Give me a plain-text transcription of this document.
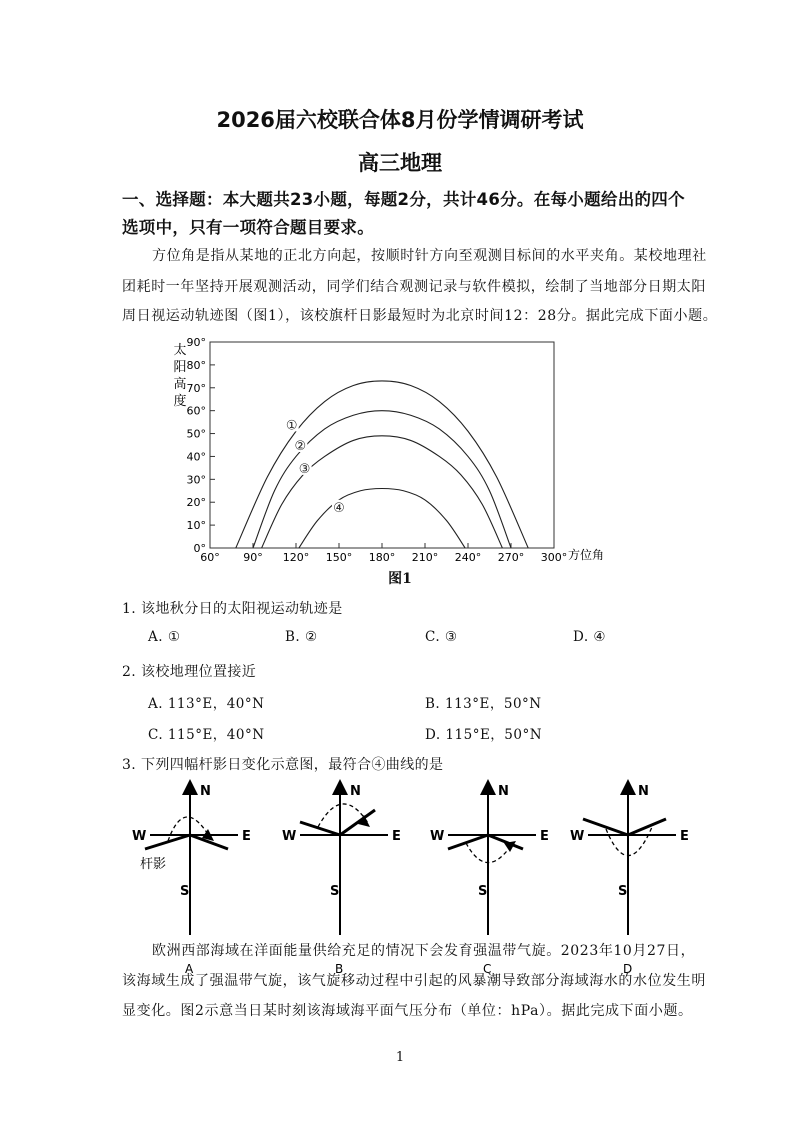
2026届六校联合体8月份学情调研考试
高三地理
一、选择题：本大题共23小题，每题2分，共计46分。在每小题给出的四个
选项中，只有一项符合题目要求。
方位角是指从某地的正北方向起，按顺时针方向至观测目标间的水平夹角。某校地理社
团耗时一年坚持开展观测活动，同学们结合观测记录与软件模拟，绘制了当地部分日期太阳
周日视运动轨迹图（图1），该校旗杆日影最短时为北京时间12：28分。据此完成下面小题。
0°
10°
20°
30°
40°
50°
60°
70°
80°
90°
60° 90° 120° 150° 180° 210° 240° 270° 300°
①
②
③
④
太
阳
高
度
方位角
图1
1. 该地秋分日的太阳视运动轨迹是
A. ①	B. ②	C. ③	D. ④
2. 该校地理位置接近
A. 113°E，40°N	B. 113°E，50°N
C. 115°E，40°N	D. 115°E，50°N
3. 下列四幅杆影日变化示意图，最符合④曲线的是
N
W	E
S
杆影
A
N
W	E
S
B
N
W	E
S
C
N
W	E
S
D
欧洲西部海域在洋面能量供给充足的情况下会发育强温带气旋。2023年10月27日，
该海域生成了强温带气旋，该气旋移动过程中引起的风暴潮导致部分海域海水的水位发生明
显变化。图2示意当日某时刻该海域海平面气压分布（单位：hPa）。据此完成下面小题。
1
